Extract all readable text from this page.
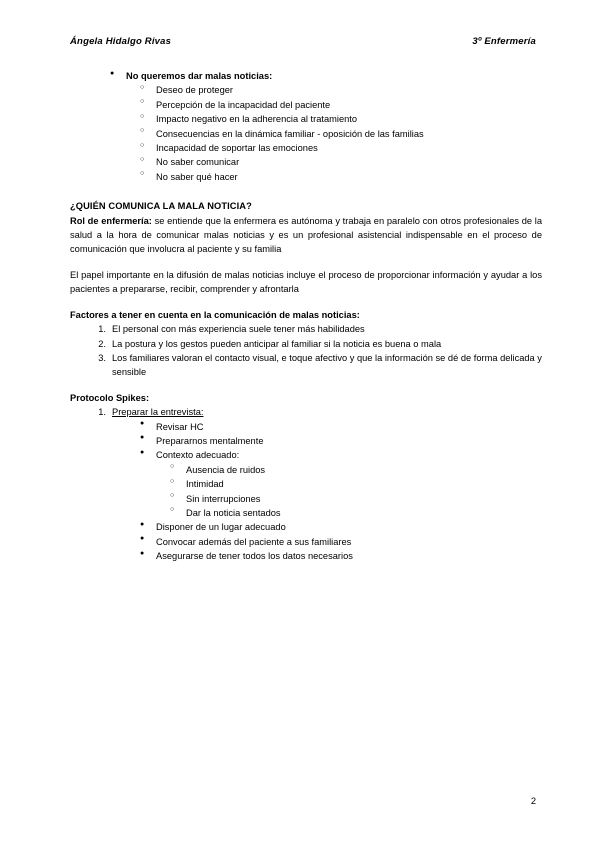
Ángela Hidalgo Rivas	3º Enfermería
● No queremos dar malas noticias:
○ Deseo de proteger
○ Percepción de la incapacidad del paciente
○ Impacto negativo en la adherencia al tratamiento
○ Consecuencias en la dinámica familiar - oposición de las familias
○ Incapacidad de soportar las emociones
○ No saber comunicar
○ No saber qué hacer
¿QUIÉN COMUNICA LA MALA NOTICIA?
Rol de enfermería: se entiende que la enfermera es autónoma y trabaja en paralelo con otros profesionales de la salud a la hora de comunicar malas noticias y es un profesional asistencial indispensable en el proceso de comunicación que involucra al paciente y su familia
El papel importante en la difusión de malas noticias incluye el proceso de proporcionar información y ayudar a los pacientes a prepararse, recibir, comprender y afrontarla
Factores a tener en cuenta en la comunicación de malas noticias:
1. El personal con más experiencia suele tener más habilidades
2. La postura y los gestos pueden anticipar al familiar si la noticia es buena o mala
3. Los familiares valoran el contacto visual, e toque afectivo y que la información se dé de forma delicada y sensible
Protocolo Spikes:
1. Preparar la entrevista:
● Revisar HC
● Prepararnos mentalmente
● Contexto adecuado:
○ Ausencia de ruidos
○ Intimidad
○ Sin interrupciones
○ Dar la noticia sentados
● Disponer de un lugar adecuado
● Convocar además del paciente a sus familiares
● Asegurarse de tener todos los datos necesarios
2
